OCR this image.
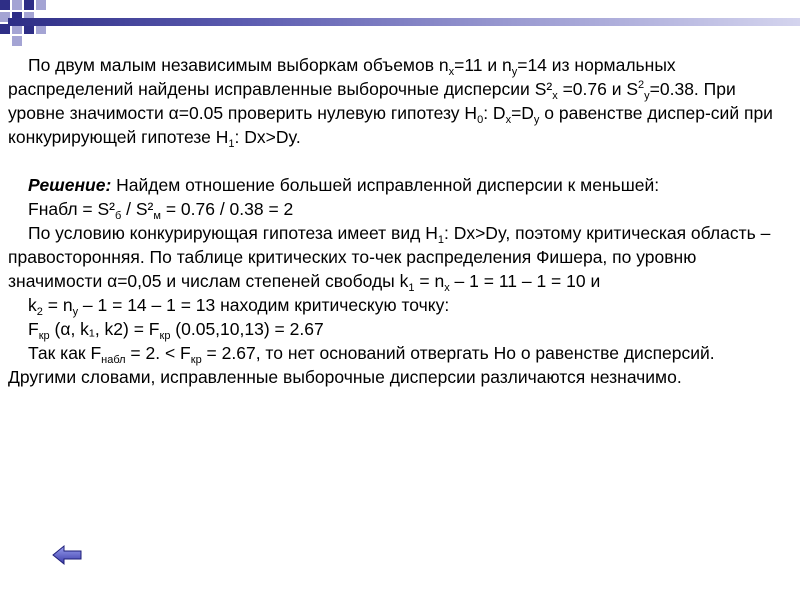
По двум малым независимым выборкам объемов $n_x=11$ и $n_y=14$ из нормальных распределений найдены исправленные выборочные дисперсии $S^2_x =0.76$ и $S^2_y=0.38$. При уровне значимости α=0.05 проверить нулевую гипотезу $H_0$: $D_x=D_y$ о равенстве диспер-сий при конкурирующей гипотезе $H_1$: Dx>Dy.

Решение: Найдем отношение большей исправленной дисперсии к меньшей:

Fнабл = $S^2_б / S^2_м = 0.76 / 0.38 = 2$

По условию конкурирующая гипотеза имеет вид $H_1$: Dx>Dy, поэтому критическая область – правосторонняя. По таблице критических то-чек распределения Фишера, по уровню значимости α=0,05 и числам степеней свободы $k_1 = n_x - 1 = 11 - 1 = 10$ и

$k_2 = n_y - 1 = 14 - 1 = 13$ находим критическую точку:

$F_{кр}$ (α, k₁, $k2) = F_{кр}$ (0.05,10,13) = 2.67

Так как $F_{набл} = 2$. < $F_{кр} = 2.67$, то нет оснований отвергать Ho о равенстве дисперсий. Другими словами, исправленные выборочные дисперсии различаются незначимо.
